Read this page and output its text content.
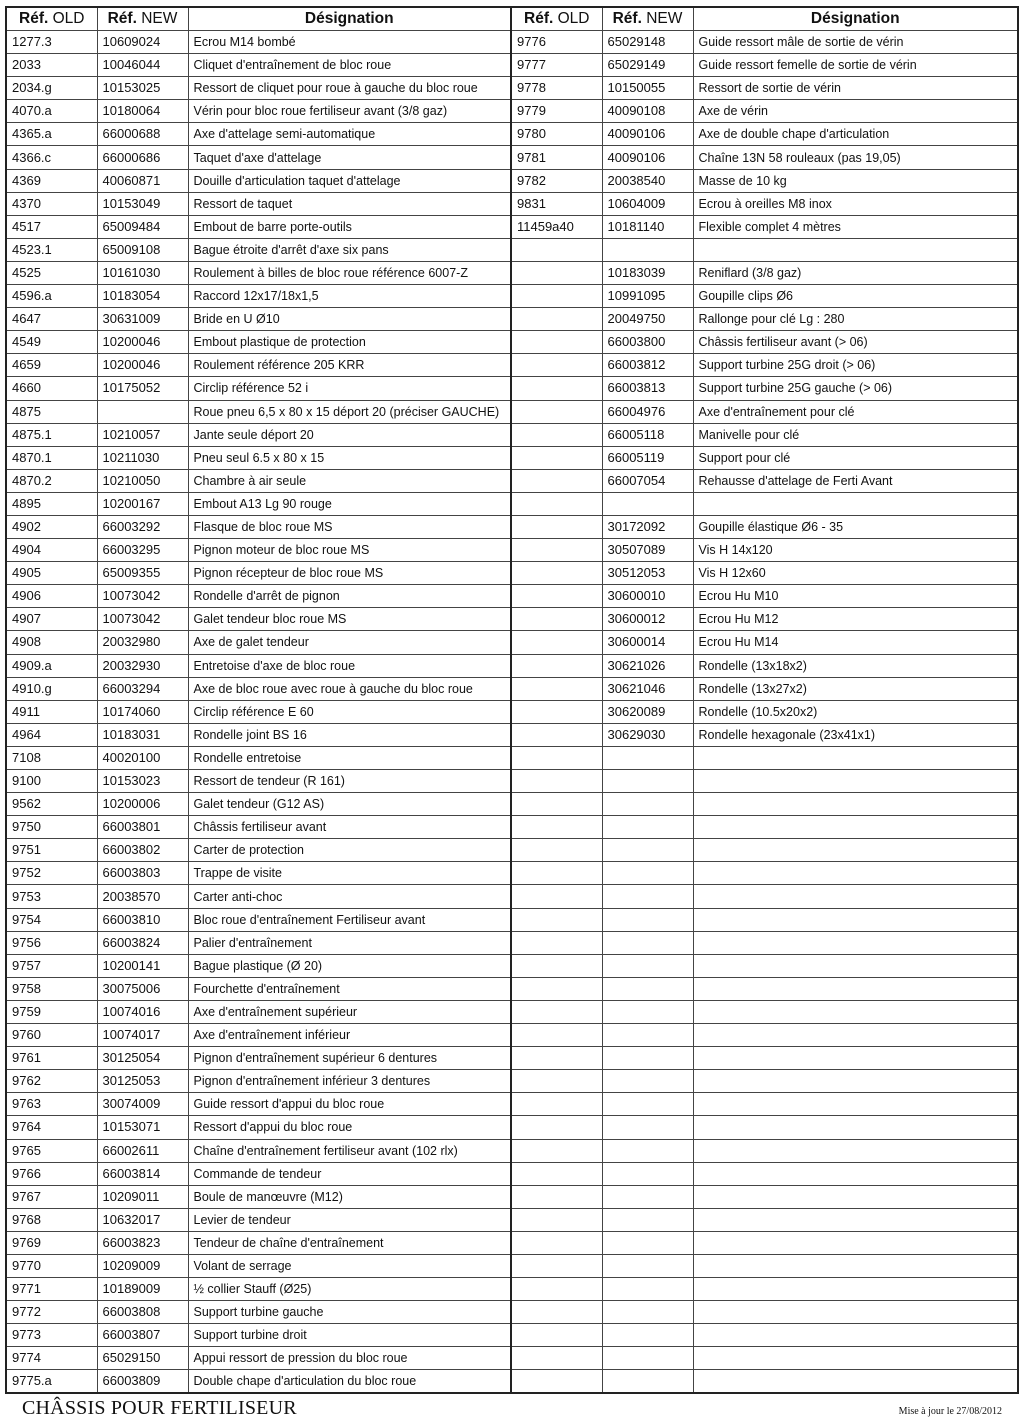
Réf. OLD	Réf. NEW	Désignation	Réf. OLD	Réf. NEW	Désignation
1277.3	10609024	Ecrou M14 bombé	9776	65029148	Guide ressort mâle de sortie de vérin
2033	10046044	Cliquet d'entraînement de bloc roue	9777	65029149	Guide ressort femelle de sortie de vérin
2034.g	10153025	Ressort de cliquet pour roue à gauche du bloc roue	9778	10150055	Ressort de sortie de vérin
4070.a	10180064	Vérin pour bloc roue fertiliseur avant (3/8 gaz)	9779	40090108	Axe de vérin
4365.a	66000688	Axe d'attelage semi-automatique	9780	40090106	Axe de double chape d'articulation
4366.c	66000686	Taquet d'axe d'attelage	9781	40090106	Chaîne 13N 58 rouleaux (pas 19,05)
4369	40060871	Douille d'articulation taquet d'attelage	9782	20038540	Masse de 10 kg
4370	10153049	Ressort de taquet	9831	10604009	Ecrou à oreilles M8 inox
4517	65009484	Embout de barre porte-outils	11459a40	10181140	Flexible complet 4 mètres
4523.1	65009108	Bague étroite d'arrêt d'axe six pans			
4525	10161030	Roulement à billes de bloc roue référence 6007-Z		10183039	Reniflard (3/8 gaz)
4596.a	10183054	Raccord 12x17/18x1,5		10991095	Goupille clips Ø6
4647	30631009	Bride en U Ø10		20049750	Rallonge pour clé Lg : 280
4549	10200046	Embout plastique de protection		66003800	Châssis fertiliseur avant (> 06)
4659	10200046	Roulement référence 205 KRR		66003812	Support turbine 25G droit (> 06)
4660	10175052	Circlip référence 52 i		66003813	Support turbine 25G gauche (> 06)
4875		Roue pneu 6,5 x 80 x 15 déport 20 (préciser GAUCHE)		66004976	Axe d'entraînement pour clé
4875.1	10210057	Jante seule déport 20		66005118	Manivelle pour clé
4870.1	10211030	Pneu seul 6.5 x 80 x 15		66005119	Support pour clé
4870.2	10210050	Chambre à air seule		66007054	Rehausse d'attelage de Ferti Avant
4895	10200167	Embout A13 Lg 90 rouge			
4902	66003292	Flasque de bloc roue MS		30172092	Goupille élastique Ø6 - 35
4904	66003295	Pignon moteur de bloc roue MS		30507089	Vis H 14x120
4905	65009355	Pignon récepteur de bloc roue MS		30512053	Vis H 12x60
4906	10073042	Rondelle d'arrêt de pignon		30600010	Ecrou Hu M10
4907	10073042	Galet tendeur bloc roue MS		30600012	Ecrou Hu M12
4908	20032980	Axe de galet tendeur		30600014	Ecrou Hu M14
4909.a	20032930	Entretoise d'axe de bloc roue		30621026	Rondelle (13x18x2)
4910.g	66003294	Axe de bloc roue avec roue à gauche du bloc roue		30621046	Rondelle (13x27x2)
4911	10174060	Circlip référence E 60		30620089	Rondelle (10.5x20x2)
4964	10183031	Rondelle joint BS 16		30629030	Rondelle hexagonale (23x41x1)
7108	40020100	Rondelle entretoise			
9100	10153023	Ressort de tendeur (R 161)			
9562	10200006	Galet tendeur (G12 AS)			
9750	66003801	Châssis fertiliseur avant			
9751	66003802	Carter de protection			
9752	66003803	Trappe de visite			
9753	20038570	Carter anti-choc			
9754	66003810	Bloc roue d'entraînement Fertiliseur avant			
9756	66003824	Palier d'entraînement			
9757	10200141	Bague plastique (Ø 20)			
9758	30075006	Fourchette d'entraînement			
9759	10074016	Axe d'entraînement supérieur			
9760	10074017	Axe d'entraînement inférieur			
9761	30125054	Pignon d'entraînement supérieur 6 dentures			
9762	30125053	Pignon d'entraînement inférieur 3 dentures			
9763	30074009	Guide ressort d'appui du bloc roue			
9764	10153071	Ressort d'appui du bloc roue			
9765	66002611	Chaîne d'entraînement fertiliseur avant (102 rlx)			
9766	66003814	Commande de tendeur			
9767	10209011	Boule de manœuvre (M12)			
9768	10632017	Levier de tendeur			
9769	66003823	Tendeur de chaîne d'entraînement			
9770	10209009	Volant de serrage			
9771	10189009	½ collier Stauff (Ø25)			
9772	66003808	Support turbine gauche			
9773	66003807	Support turbine droit			
9774	65029150	Appui ressort de pression du bloc roue			
9775.a	66003809	Double chape d'articulation du bloc roue			
CHÂSSIS POUR FERTILISEUR	Mise à jour le 27/08/2012
